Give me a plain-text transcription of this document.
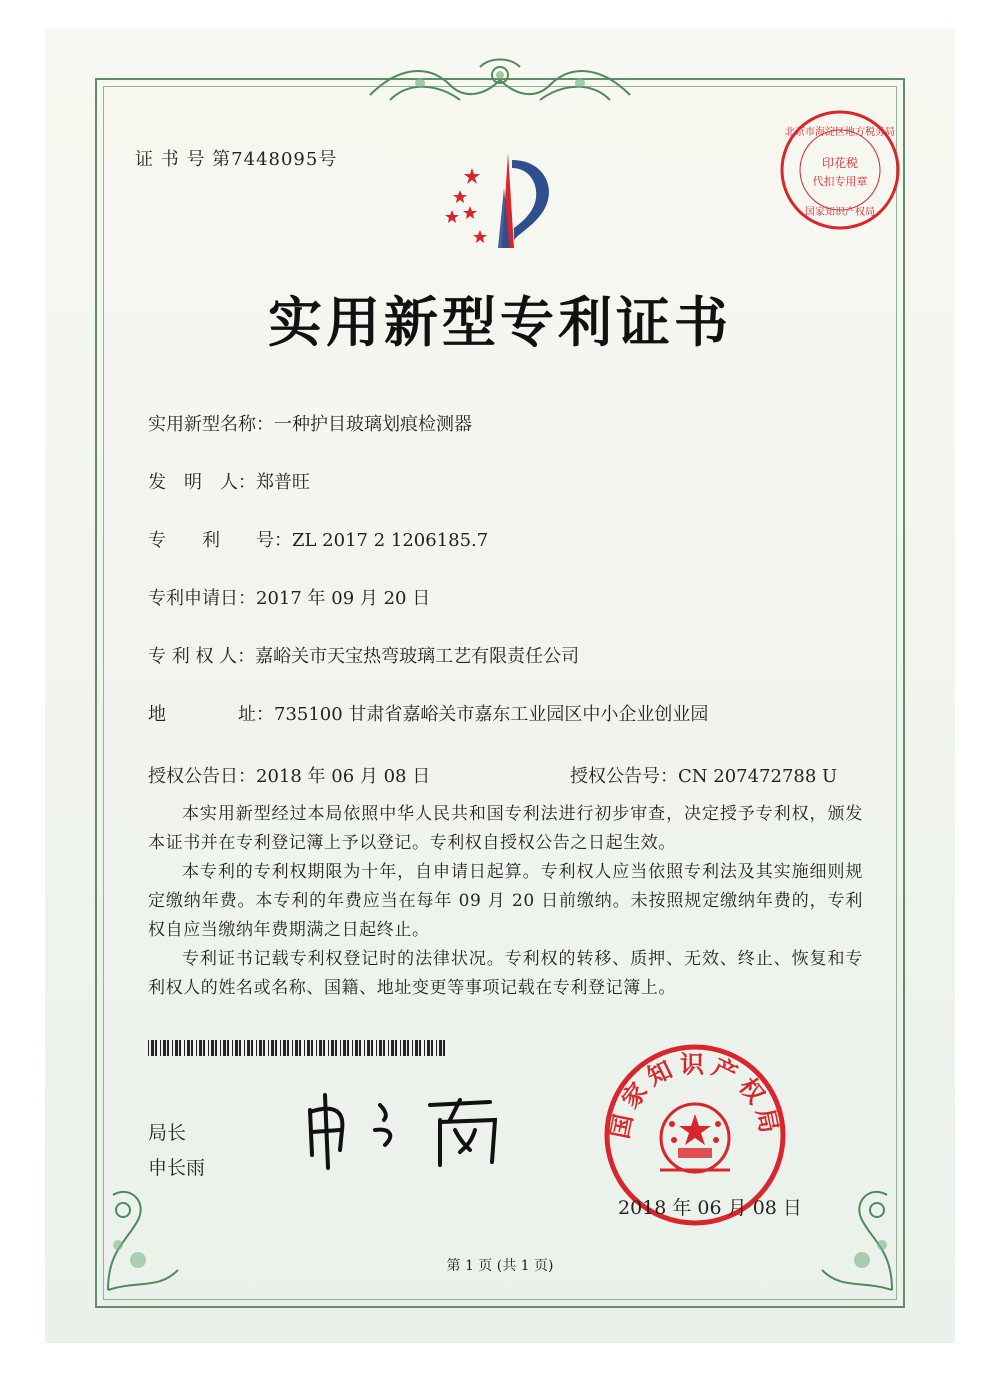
证 书 号 第7448095号
北京市海淀区地方税务局
印花税
代扣专用章
国家知识产权局
实用新型专利证书
实用新型名称：一种护目玻璃划痕检测器
发　明　人：郑普旺
专　　利　　号：ZL 2017 2 1206185.7
专利申请日：2017 年 09 月 20 日
专 利 权 人：嘉峪关市天宝热弯玻璃工艺有限责任公司
地　　　　址：735100 甘肃省嘉峪关市嘉东工业园区中小企业创业园
授权公告日：2018 年 06 月 08 日	授权公告号：CN 207472788 U

本实用新型经过本局依照中华人民共和国专利法进行初步审查，决定授予专利权，颁发本证书并在专利登记簿上予以登记。专利权自授权公告之日起生效。

本专利的专利权期限为十年，自申请日起算。专利权人应当依照专利法及其实施细则规定缴纳年费。本专利的年费应当在每年 09 月 20 日前缴纳。未按照规定缴纳年费的，专利权自应当缴纳年费期满之日起终止。

专利证书记载专利权登记时的法律状况。专利权的转移、质押、无效、终止、恢复和专利权人的姓名或名称、国籍、地址变更等事项记载在专利登记簿上。

局长
申长雨
国家知识产权局
2018 年 06 月 08 日
第 1 页 (共 1 页)
